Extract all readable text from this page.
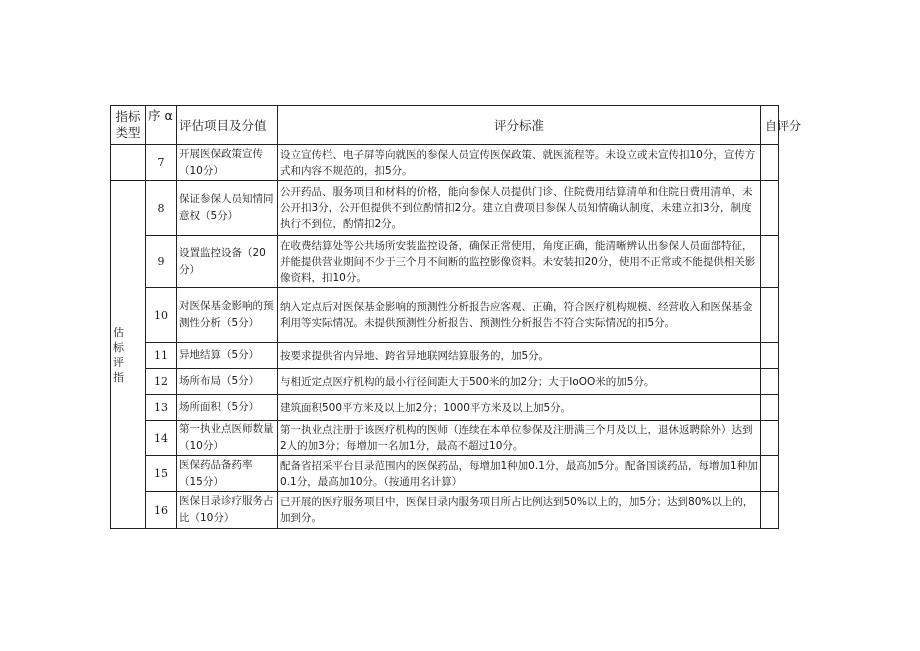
指标
类型	序 α	评估项目及分值	评分标准	自评分
	7	开展医保政策宣传（10分）	设立宣传栏、电子屏等向就医的参保人员宣传医保政策、就医流程等。未设立或未宣传扣10分，宣传方式和内容不规范的，扣5分。	
估标评指	8	保证参保人员知情同意权（5分）	公开药品、服务项目和材料的价格，能向参保人员提供门诊、住院费用结算清单和住院日费用清单，未公开扣3分，公开但提供不到位酌情扣2分。建立自费项目参保人员知情确认制度，未建立扣3分，制度执行不到位，酌情扣2分。	
	9	设置监控设备（20分）	在收费结算处等公共场所安装监控设备，确保正常使用，角度正确，能清晰辨认出参保人员面部特征，并能提供营业期间不少于三个月不间断的监控影像资料。未安装扣20分，使用不正常或不能提供相关影像资料，扣10分。	
	10	对医保基金影响的预测性分析（5分）	纳入定点后对医保基金影响的预测性分析报告应客观、正确，符合医疗机构规模、经营收入和医保基金利用等实际情况。未提供预测性分析报告、预测性分析报告不符合实际情况的扣5分。	
	11	异地结算（5分）	按要求提供省内异地、跨省异地联网结算服务的，加5分。	
	12	场所布局（5分）	与相近定点医疗机构的最小行径间距大于500米的加2分；大于IoOO米的加5分。	
	13	场所面积（5分）	建筑面积500平方米及以上加2分；1000平方米及以上加5分。	
	14	第一执业点医师数量（10分）	第一执业点注册于该医疗机构的医师（连续在本单位参保及注册满三个月及以上，退休返聘除外）达到2人的加3分；每增加一名加1分，最高不超过10分。	
	15	医保药品备药率（15分）	配备省招采平台目录范围内的医保药品，每增加1种加0.1分，最高加5分。配备国谈药品，每增加1种加0.1分，最高加10分。（按通用名计算）	
	16	医保目录诊疗服务占比（10分）	已开展的医疗服务项目中，医保目录内服务项目所占比例达到50%以上的，加5分；达到80%以上的，加到分。	
